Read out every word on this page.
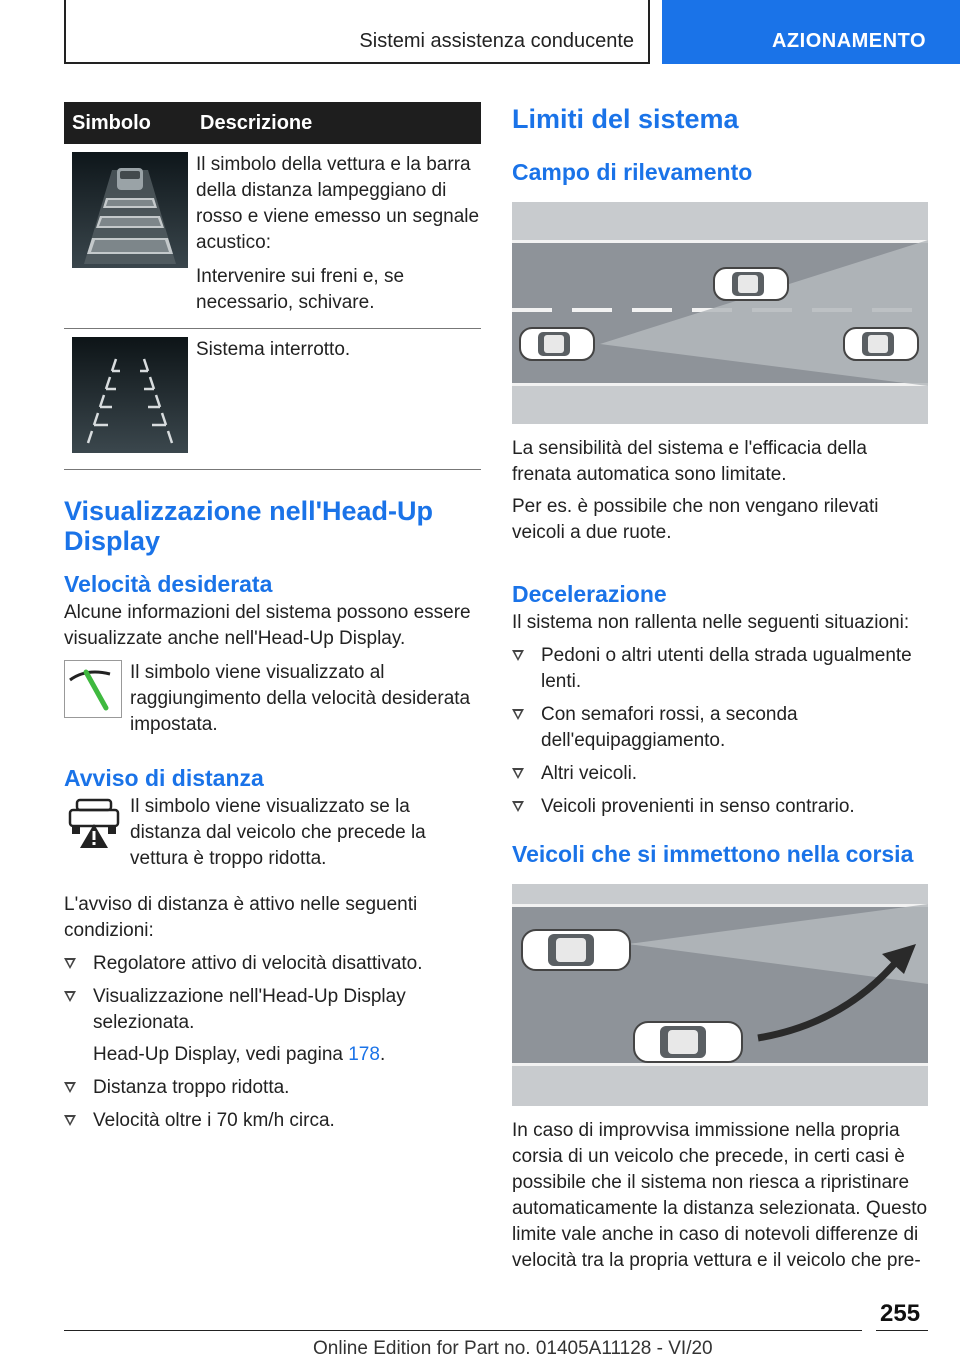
Sistemi assistenza conducente	AZIONAMENTO
Simbolo	Descrizione

Il simbolo della vettura e la barra della distanza lampeggiano di rosso e viene emesso un segnale acustico:

Intervenire sui freni e, se necessario, schivare.

Sistema interrotto.

Visualizzazione nell'Head-Up Display
Velocità desiderata

Alcune informazioni del sistema possono essere visualizzate anche nell'Head-Up Display.

Il simbolo viene visualizzato al raggiungimento della velocità desiderata impostata.

Avviso di distanza

Il simbolo viene visualizzato se la distanza dal veicolo che precede la vettura è troppo ridotta.

L'avviso di distanza è attivo nelle seguenti condizioni:

Regolatore attivo di velocità disattivato.
Visualizzazione nell'Head-Up Display selezionata.

Head-Up Display, vedi pagina 178.

Distanza troppo ridotta.
Velocità oltre i 70 km/h circa.
Limiti del sistema
Campo di rilevamento

La sensibilità del sistema e l'efficacia della frenata automatica sono limitate.

Per es. è possibile che non vengano rilevati veicoli a due ruote.

Decelerazione

Il sistema non rallenta nelle seguenti situazioni:

Pedoni o altri utenti della strada ugualmente lenti.
Con semafori rossi, a seconda dell'equipaggiamento.
Altri veicoli.
Veicoli provenienti in senso contrario.
Veicoli che si immettono nella corsia

In caso di improvvisa immissione nella propria corsia di un veicolo che precede, in certi casi è possibile che il sistema non riesca a ripristinare automaticamente la distanza selezionata. Questo limite vale anche in caso di notevoli differenze di velocità tra la propria vettura e il veicolo che pre-

255
Online Edition for Part no. 01405A11128 - VI/20
